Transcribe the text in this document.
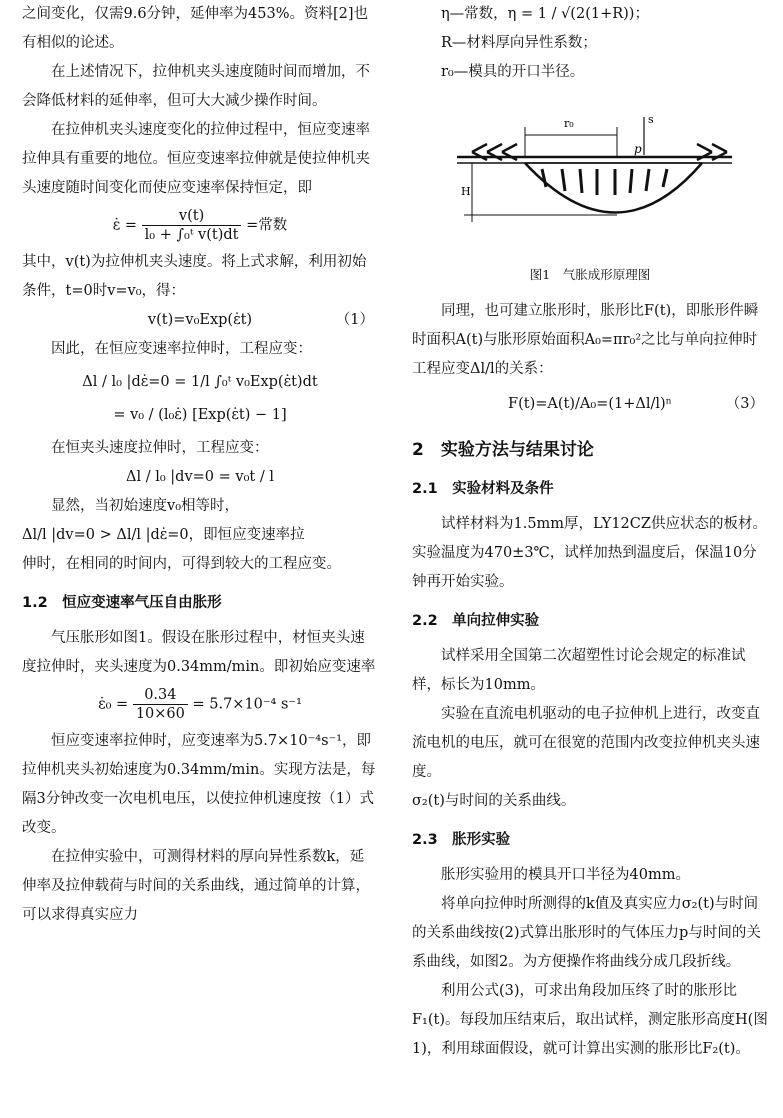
之间变化，仅需9.6分钟，延伸率为453%。资料[2]也有相似的论述。

在上述情况下，拉伸机夹头速度随时间而增加，不会降低材料的延伸率，但可大大减少操作时间。

在拉伸机夹头速度变化的拉伸过程中，恒应变速率拉伸具有重要的地位。恒应变速率拉伸就是使拉伸机夹头速度随时间变化而使应变速率保持恒定，即

ε̇ = $\frac{v(t)}{\text{l₀ + ∫₀ᵗ v(t)dt}}$ =常数

其中，v(t)为拉伸机夹头速度。将上式求解，利用初始条件，t=0时v=v₀，得：

v(t)=v₀Exp(ε̇t)	（1）

因此，在恒应变速率拉伸时，工程应变：

Δl / l₀ |dε̇=0 = 1/l ∫₀ᵗ v₀Exp(ε̇t)dt
= v₀ / (l₀ε̇) [Exp(ε̇t) − 1]

在恒夹头速度拉伸时，工程应变：

Δl / l₀ |dv=0 = v₀t / l

显然，当初始速度v₀相等时，

Δl/l |dv=0 > Δl/l |dε̇=0，即恒应变速率拉

伸时，在相同的时间内，可得到较大的工程应变。

1.2　恒应变速率气压自由胀形

气压胀形如图1。假设在胀形过程中，材恒夹头速度拉伸时，夹头速度为0.34mm/min。即初始应变速率

ε̇₀ = $\frac{0.34}{10\times 60} = 5.7\times 10^{-4}$ s⁻¹

恒应变速率拉伸时，应变速率为5.7×10⁻⁴s⁻¹，即拉伸机夹头初始速度为0.34mm/min。实现方法是，每隔3分钟改变一次电机电压，以使拉伸机速度按（1）式改变。

在拉伸实验中，可测得材料的厚向异性系数k，延伸率及拉伸载荷与时间的关系曲线，通过简单的计算，可以求得真实应力

η—常数，η = 1 / √(2(1+R))；

R—材料厚向异性系数；

r₀—模具的开口半径。

r₀	s
p
H
图1　气胀成形原理图

同理，也可建立胀形时，胀形比F(t)，即胀形件瞬时面积A(t)与胀形原始面积A₀=πr₀²之比与单向拉伸时工程应变Δl/l的关系：

F(t)=A(t)/A₀=(1+Δl/l)ⁿ	（3）
2　实验方法与结果讨论
2.1　实验材料及条件

试样材料为1.5mm厚，LY12CZ供应状态的板材。实验温度为470±3℃，试样加热到温度后，保温10分钟再开始实验。

2.2　单向拉伸实验

试样采用全国第二次超塑性讨论会规定的标准试样，标长为10mm。

实验在直流电机驱动的电子拉伸机上进行，改变直流电机的电压，就可在很宽的范围内改变拉伸机夹头速度。

σ₂(t)与时间的关系曲线。

2.3　胀形实验

胀形实验用的模具开口半径为40mm。

将单向拉伸时所测得的k值及真实应力σ₂(t)与时间的关系曲线按(2)式算出胀形时的气体压力p与时间的关系曲线，如图2。为方便操作将曲线分成几段折线。

利用公式(3)，可求出角段加压终了时的胀形比F₁(t)。每段加压结束后，取出试样，测定胀形高度H(图1)，利用球面假设，就可计算出实测的胀形比F₂(t)。
